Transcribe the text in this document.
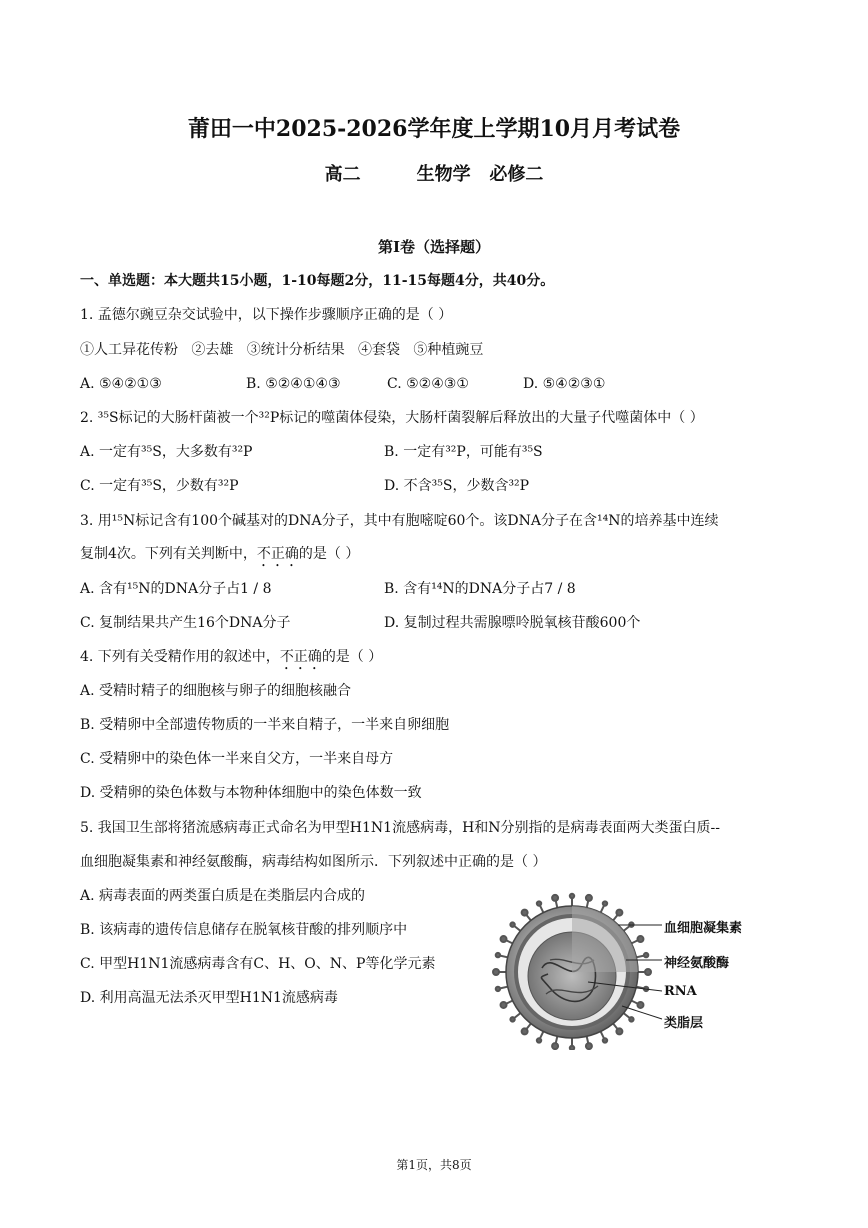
莆田一中2025-2026学年度上学期10月月考试卷
高二	生物学   必修二
第I卷（选择题）
一、单选题：本大题共15小题，1-10每题2分，11-15每题4分，共40分。
1. 孟德尔豌豆杂交试验中，以下操作步骤顺序正确的是（ ）
①人工异花传粉   ②去雄   ③统计分析结果   ④套袋   ⑤种植豌豆
A. ⑤④②①③	B. ⑤②④①④③	C. ⑤②④③①	D. ⑤④②③①
2. ³⁵S标记的大肠杆菌被一个³²P标记的噬菌体侵染，大肠杆菌裂解后释放出的大量子代噬菌体中（ ）
A. 一定有³⁵S，大多数有³²P	B. 一定有³²P，可能有³⁵S
C. 一定有³⁵S，少数有³²P	D. 不含³⁵S，少数含³²P
3. 用¹⁵N标记含有100个碱基对的DNA分子，其中有胞嘧啶60个。该DNA分子在含¹⁴N的培养基中连续
复制4次。下列有关判断中，不正确的是（ ）
A. 含有¹⁵N的DNA分子占1 / 8	B. 含有¹⁴N的DNA分子占7 / 8
C. 复制结果共产生16个DNA分子	D. 复制过程共需腺嘌呤脱氧核苷酸600个
4. 下列有关受精作用的叙述中，不正确的是（ ）
A. 受精时精子的细胞核与卵子的细胞核融合
B. 受精卵中全部遗传物质的一半来自精子，一半来自卵细胞
C. 受精卵中的染色体一半来自父方，一半来自母方
D. 受精卵的染色体数与本物种体细胞中的染色体数一致
5. 我国卫生部将猪流感病毒正式命名为甲型H1N1流感病毒，H和N分别指的是病毒表面两大类蛋白质--
血细胞凝集素和神经氨酸酶，病毒结构如图所示．下列叙述中正确的是（ ）
A. 病毒表面的两类蛋白质是在类脂层内合成的
B. 该病毒的遗传信息储存在脱氧核苷酸的排列顺序中
C. 甲型H1N1流感病毒含有C、H、O、N、P等化学元素
D. 利用高温无法杀灭甲型H1N1流感病毒
血细胞凝集素
神经氨酸酶
RNA
类脂层
第1页，共8页
